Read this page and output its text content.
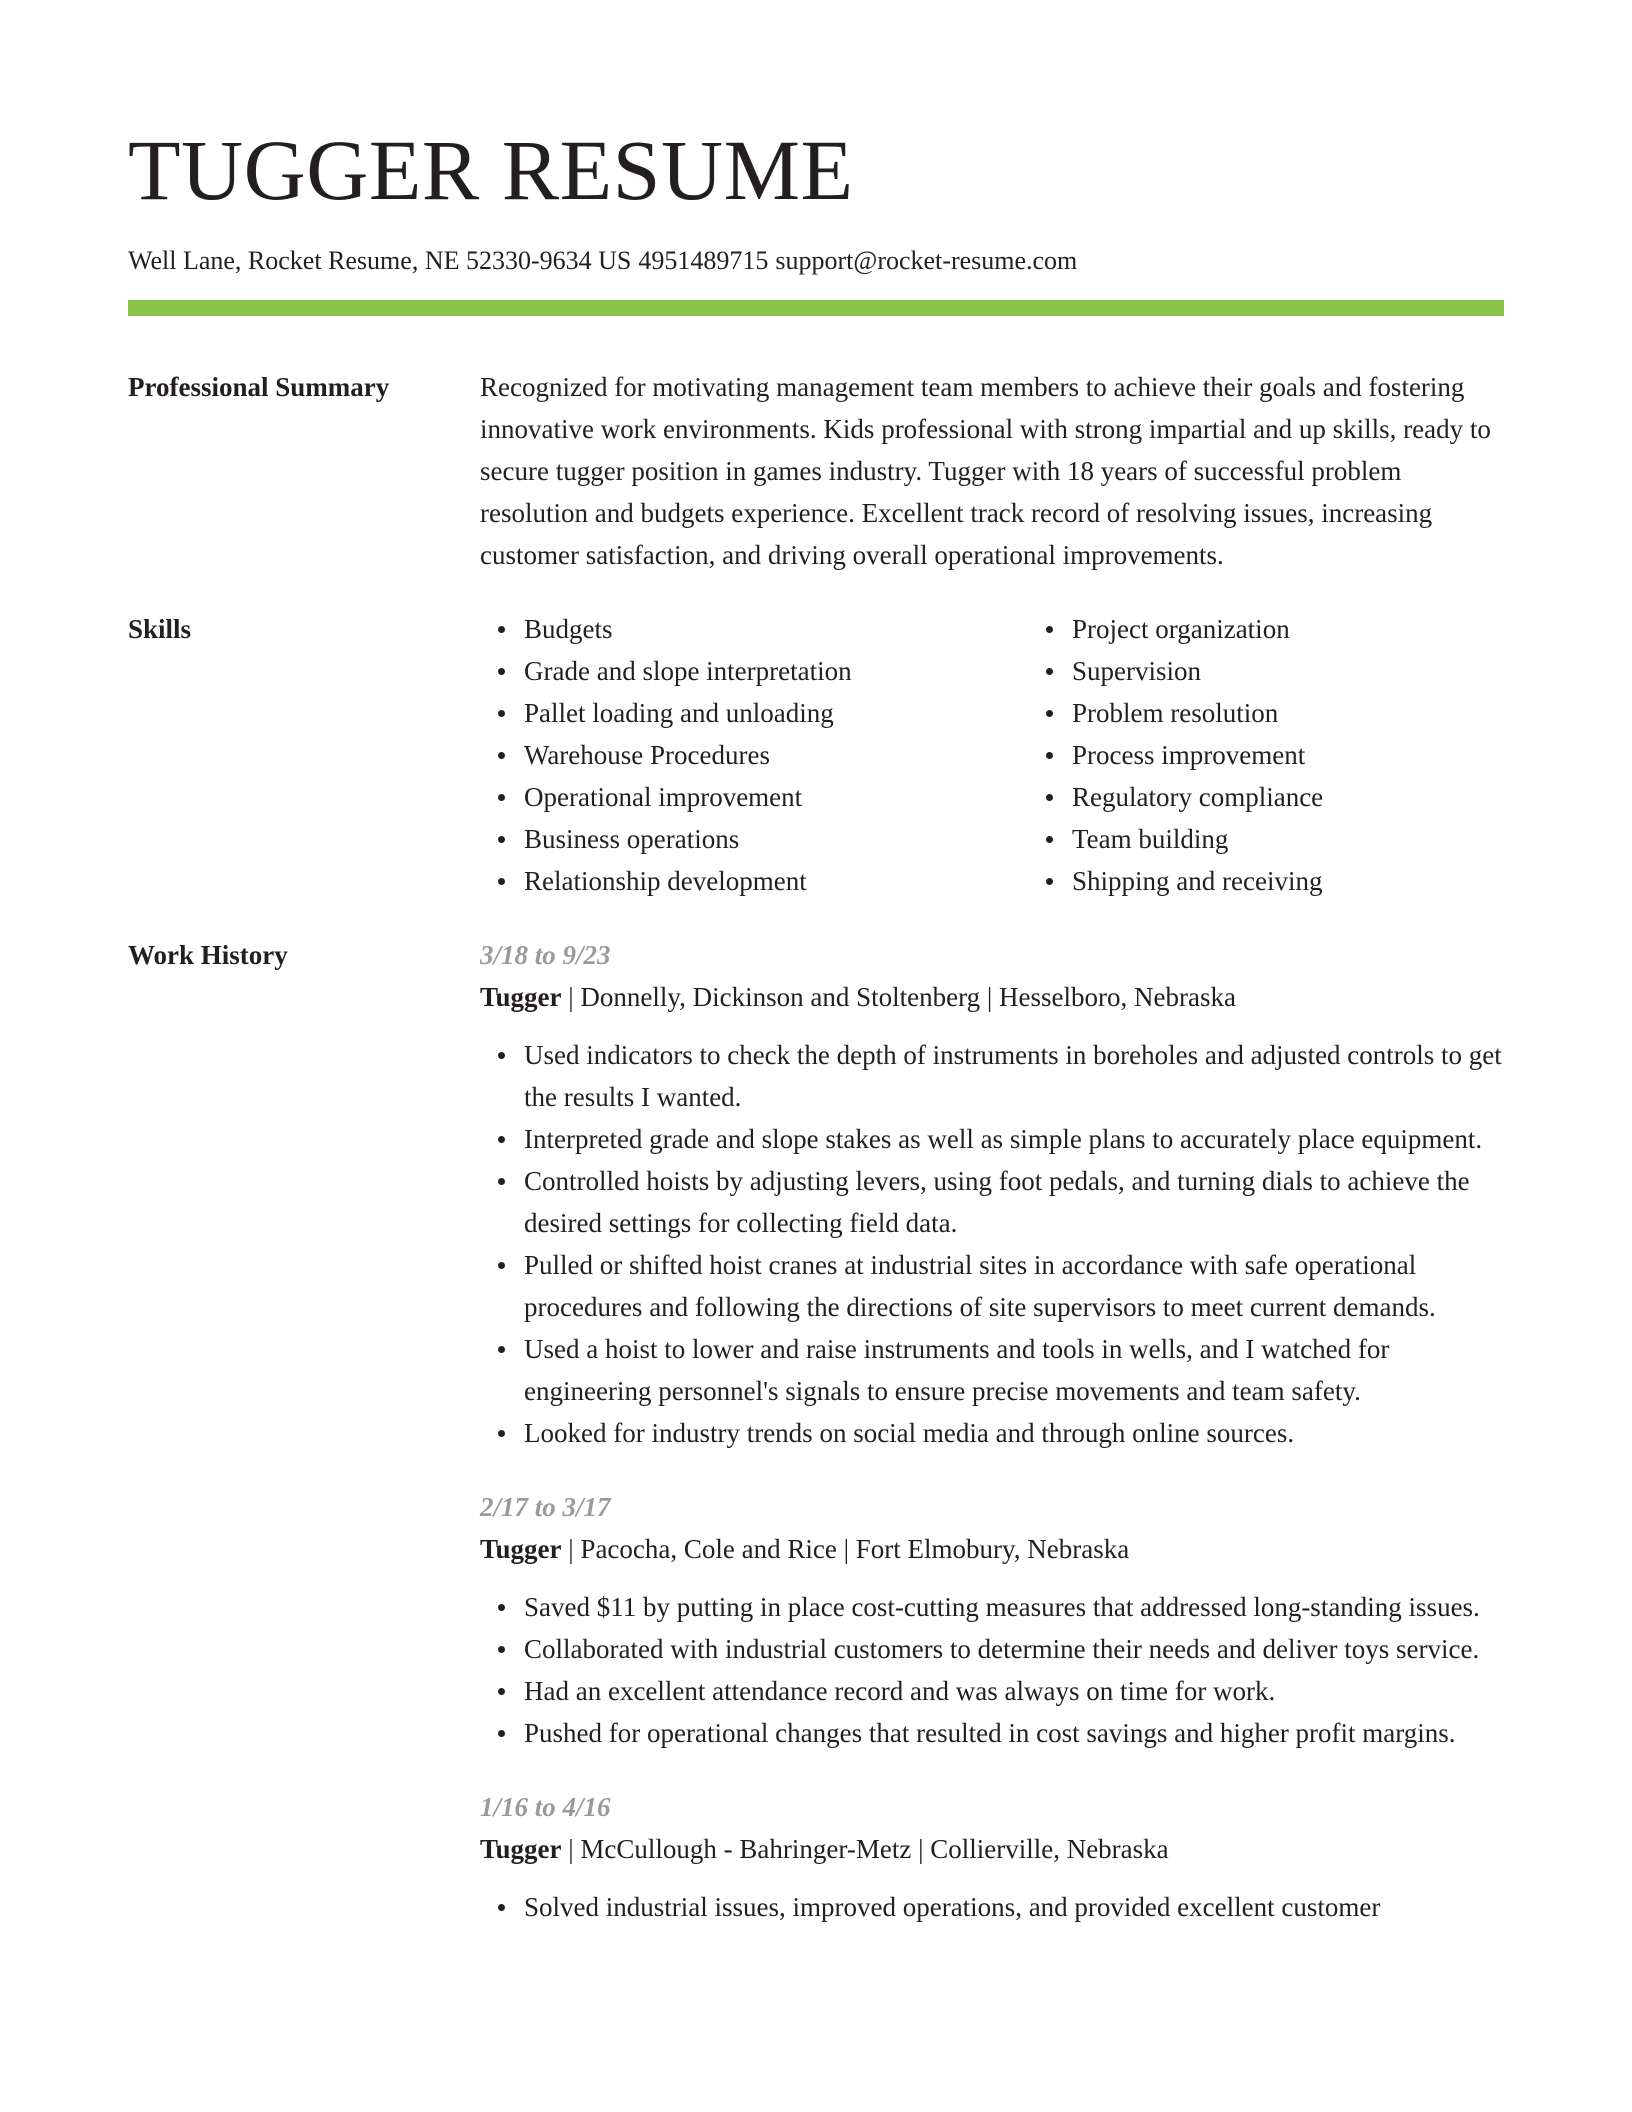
TUGGER RESUME
Well Lane, Rocket Resume, NE 52330-9634 US 4951489715 support@rocket-resume.com
Professional Summary	Recognized for motivating management team members to achieve their goals and fostering innovative work environments. Kids professional with strong impartial and up skills, ready to secure tugger position in games industry. Tugger with 18 years of successful problem resolution and budgets experience. Excellent track record of resolving issues, increasing customer satisfaction, and driving overall operational improvements.

Skills	Budgets
Grade and slope interpretation
Pallet loading and unloading
Warehouse Procedures
Operational improvement
Business operations
Relationship development
Project organization
Supervision
Problem resolution
Process improvement
Regulatory compliance
Team building
Shipping and receiving
Work History	3/18 to 9/23
Tugger | Donnelly, Dickinson and Stoltenberg | Hesselboro, Nebraska
Used indicators to check the depth of instruments in boreholes and adjusted controls to get the results I wanted.
Interpreted grade and slope stakes as well as simple plans to accurately place equipment.
Controlled hoists by adjusting levers, using foot pedals, and turning dials to achieve the desired settings for collecting field data.
Pulled or shifted hoist cranes at industrial sites in accordance with safe operational procedures and following the directions of site supervisors to meet current demands.
Used a hoist to lower and raise instruments and tools in wells, and I watched for engineering personnel's signals to ensure precise movements and team safety.
Looked for industry trends on social media and through online sources.
2/17 to 3/17
Tugger | Pacocha, Cole and Rice | Fort Elmobury, Nebraska
Saved $11 by putting in place cost-cutting measures that addressed long-standing issues.
Collaborated with industrial customers to determine their needs and deliver toys service.
Had an excellent attendance record and was always on time for work.
Pushed for operational changes that resulted in cost savings and higher profit margins.
1/16 to 4/16
Tugger | McCullough - Bahringer-Metz | Collierville, Nebraska
Solved industrial issues, improved operations, and provided excellent customer
